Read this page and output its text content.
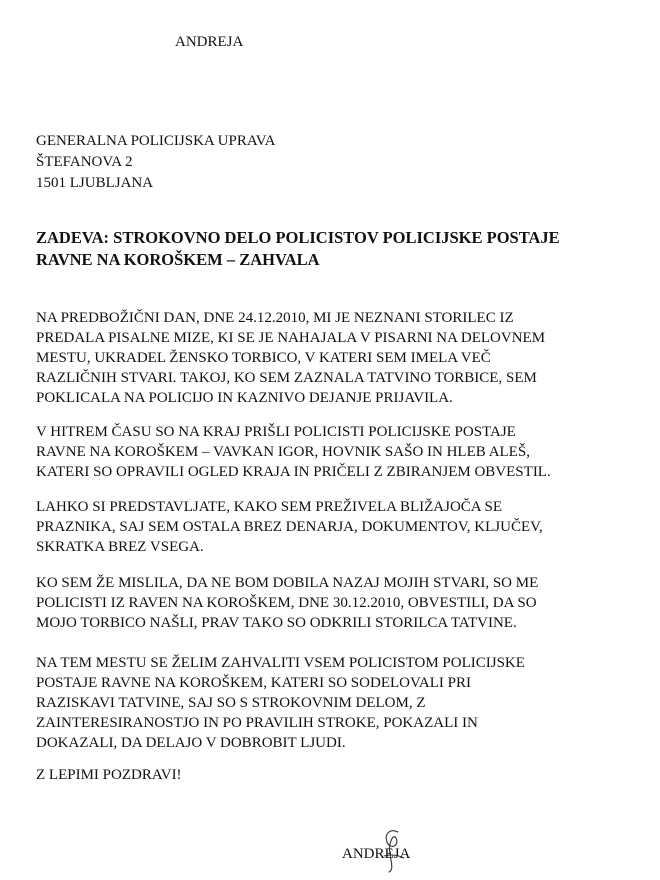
ANDREJA
GENERALNA POLICIJSKA UPRAVA
ŠTEFANOVA 2
1501 LJUBLJANA
ZADEVA: STROKOVNO DELO POLICISTOV POLICIJSKE POSTAJE
RAVNE NA KOROŠKEM – ZAHVALA
NA PREDBOŽIČNI DAN, DNE 24.12.2010, MI JE NEZNANI STORILEC IZ
PREDALA PISALNE MIZE, KI SE JE NAHAJALA V PISARNI NA DELOVNEM
MESTU, UKRADEL ŽENSKO TORBICO, V KATERI SEM IMELA VEČ
RAZLIČNIH STVARI. TAKOJ, KO SEM ZAZNALA TATVINO TORBICE, SEM
POKLICALA NA POLICIJO IN KAZNIVO DEJANJE PRIJAVILA.
V HITREM ČASU SO NA KRAJ PRIŠLI POLICISTI POLICIJSKE POSTAJE
RAVNE NA KOROŠKEM – VAVKAN IGOR, HOVNIK SAŠO IN HLEB ALEŠ,
KATERI SO OPRAVILI OGLED KRAJA IN PRIČELI Z ZBIRANJEM OBVESTIL.
LAHKO SI PREDSTAVLJATE, KAKO SEM PREŽIVELA BLIŽAJOČA SE
PRAZNIKA, SAJ SEM OSTALA BREZ DENARJA, DOKUMENTOV, KLJUČEV,
SKRATKA BREZ VSEGA.
KO SEM ŽE MISLILA, DA NE BOM DOBILA NAZAJ MOJIH STVARI, SO ME
POLICISTI IZ RAVEN NA KOROŠKEM, DNE 30.12.2010, OBVESTILI, DA SO
MOJO TORBICO NAŠLI, PRAV TAKO SO ODKRILI STORILCA TATVINE.
NA TEM MESTU SE ŽELIM ZAHVALITI VSEM POLICISTOM POLICIJSKE
POSTAJE RAVNE NA KOROŠKEM, KATERI SO SODELOVALI PRI
RAZISKAVI TATVINE, SAJ SO S STROKOVNIM DELOM, Z
ZAINTERESIRANOSTJO IN PO PRAVILIH STROKE, POKAZALI IN
DOKAZALI, DA DELAJO V DOBROBIT LJUDI.
Z LEPIMI POZDRAVI!
ANDREJA
